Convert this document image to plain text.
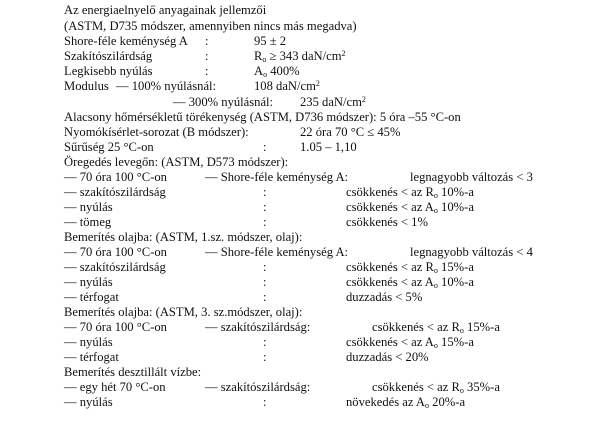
Az energiaelnyelő anyagainak jellemzői
(ASTM, D735 módszer, amennyiben nincs más megadva)
Shore-féle keménység A :	95 ± 2
Szakítószilárdság	:	$R_o \ge 343$ daN/$cm^2$
Legkisebb nyúlás	:	$A_o$ 400%
Modulus — 100% nyúlásnál:	108 daN/$cm^2$
— 300% nyúlásnál: 235 daN/$cm^2$
Alacsony hőmérsékletű törékenység (ASTM, D736 módszer): 5 óra –55 °C-on
Nyomókísérlet-sorozat (B módszer):	22 óra 70 °C ≤ 45%
Sűrűség 25 °C-on	:	1.05 – 1,10
Öregedés levegőn: (ASTM, D573 módszer):
— 70 óra 100 °C-on	— Shore-féle keménység A:	legnagyobb változás < 3
— szakítószilárdság	:	csökkenés < az $R_o$ 10%-a
— nyúlás	:	csökkenés < az $A_o$ 10%-a
— tömeg	:	csökkenés < 1%
Bemerítés olajba: (ASTM, 1.sz. módszer, olaj):
— 70 óra 100 °C-on	— Shore-féle keménység A:	legnagyobb változás < 4
— szakítószilárdság	:	csökkenés < az $R_o$ 15%-a
— nyúlás	:	csökkenés < az $A_o$ 10%-a
— térfogat	:	duzzadás < 5%
Bemerítés olajba: (ASTM, 3. sz.módszer, olaj):
— 70 óra 100 °C-on	— szakítószilárdság:	csökkenés < az $R_o$ 15%-a
— nyúlás	:	csökkenés < az $A_o$ 15%-a
— térfogat	:	duzzadás < 20%
Bemerítés desztillált vízbe:
— egy hét 70 °C-on	— szakítószilárdság:	csökkenés < az $R_o$ 35%-a
— nyúlás	:	növekedés az $A_o$ 20%-a
